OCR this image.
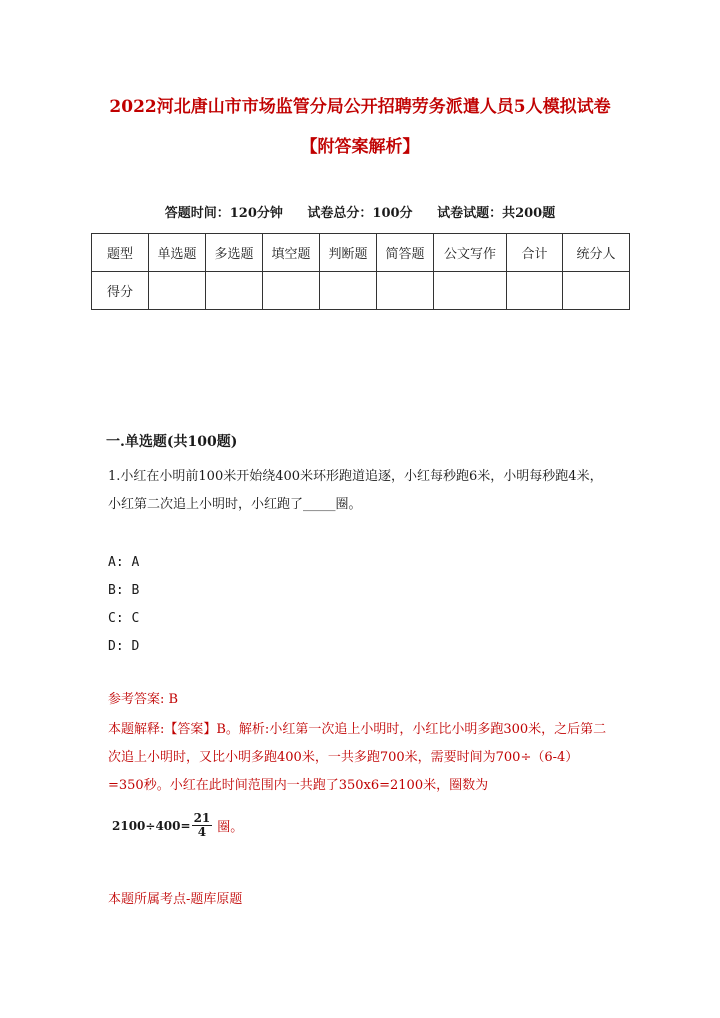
2022河北唐山市市场监管分局公开招聘劳务派遣人员5人模拟试卷
【附答案解析】
答题时间：120分钟 试卷总分：100分 试卷试题：共200题
题型	单选题	多选题	填空题	判断题	简答题	公文写作	合计	统分人
得分								
一.单选题(共100题)
1.小红在小明前100米开始绕400米环形跑道追逐，小红每秒跑6米，小明每秒跑4米，小红第二次追上小明时，小红跑了_____圈。
A: A
B: B
C: C
D: D
参考答案: B
本题解释:【答案】B。解析:小红第一次追上小明时，小红比小明多跑300米，之后第二次追上小明时，又比小明多跑400米，一共多跑700米，需要时间为700÷（6-4）=350秒。小红在此时间范围内一共跑了350x6=2100米，圈数为
$2100\div 400= \frac{21}{4}$ 圈。
本题所属考点-题库原题
